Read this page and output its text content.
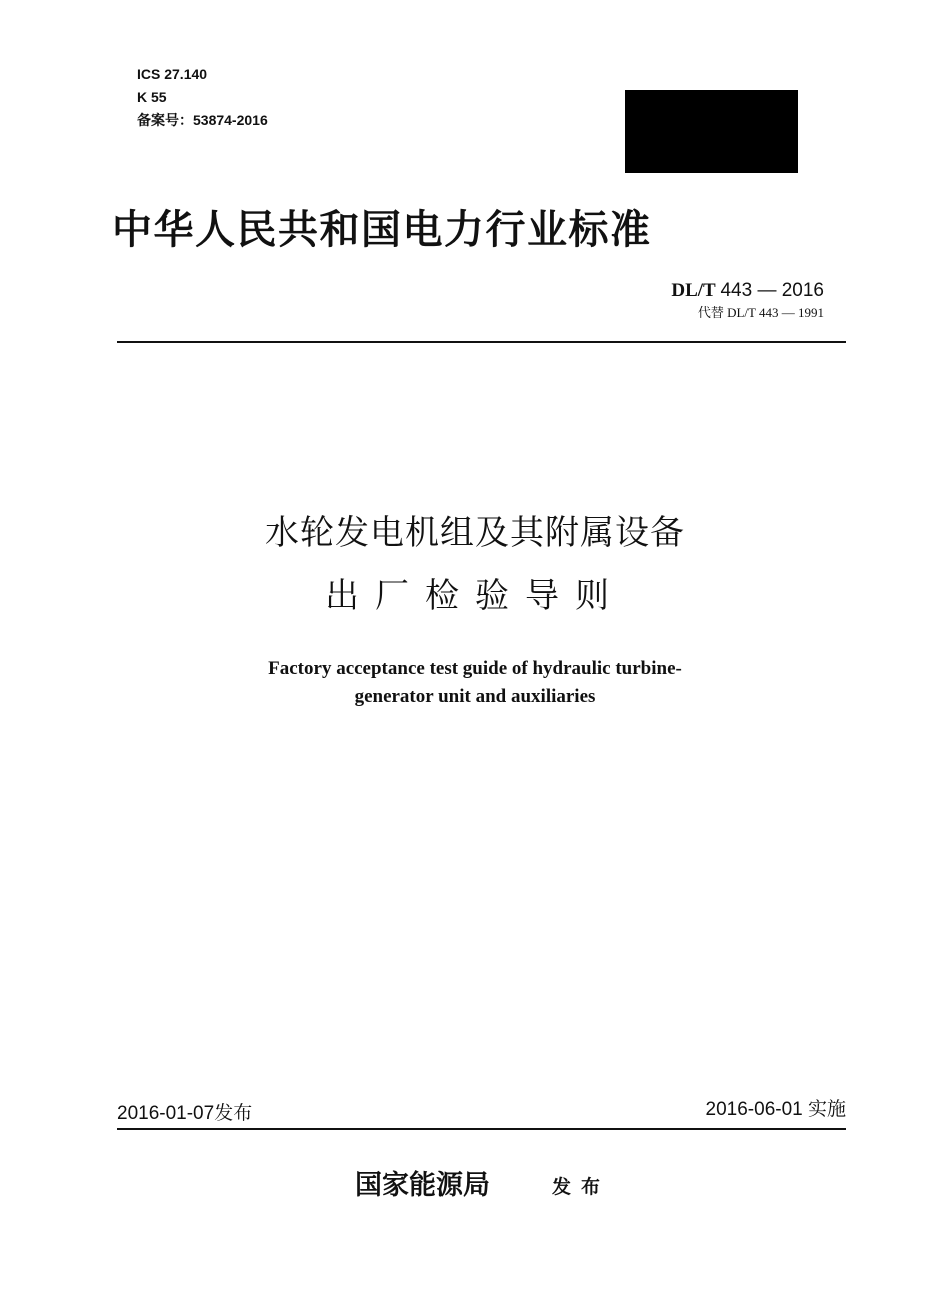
ICS 27.140
K 55
备案号：53874-2016
中华人民共和国电力行业标准
DL/T 443 — 2016
代替 DL/T 443 — 1991
水轮发电机组及其附属设备
出厂检验导则
Factory acceptance test guide of hydraulic turbine-
generator unit and auxiliaries
2016-01-07发布	2016-06-01 实施
国家能源局	发布
